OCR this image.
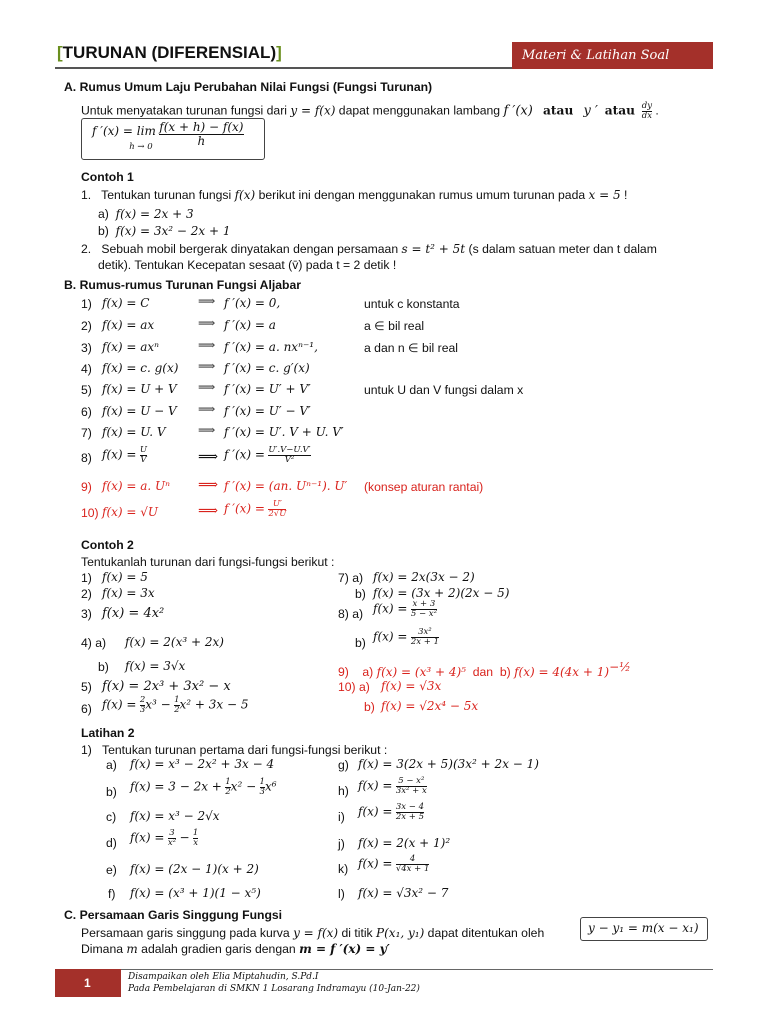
Materi & Latihan Soal
[TURUNAN (DIFERENSIAL)]
A. Rumus Umum Laju Perubahan Nilai Fungsi (Fungsi Turunan)
Untuk menyatakan turunan fungsi dari y = f(x) dapat menggunakan lambang f ′(x) atau y ′ atau $\frac{dy}{dx}$ .
f ′(x) = lim
$h \to 0 \frac{f(x + h) - f(x)}{h}$
Contoh 1
1. Tentukan turunan fungsi f(x) berikut ini dengan menggunakan rumus umum turunan pada x = 5 !
a) f(x) = 2x + 3
b) f(x) = 3x² − 2x + 1
2. Sebuah mobil bergerak dinyatakan dengan persamaan s = t² + 5t (s dalam satuan meter dan t dalam
detik). Tentukan Kecepatan sesaat (v̄) pada t = 2 detik !
B. Rumus-rumus Turunan Fungsi Aljabar
1) f(x) = C	⟹ f ′(x) = 0,	untuk c konstanta
2) f(x) = ax	⟹ f ′(x) = a	a ∈ bil real
3) f(x) = axⁿ	⟹ f ′(x) = a. nxⁿ⁻¹,	a dan n ∈ bil real
4) f(x) = c. g(x) ⟹ f ′(x) = c. g′(x)
5) f(x) = U + V ⟹ f ′(x) = U′ + V′	untuk U dan V fungsi dalam x
6) f(x) = U − V ⟹ f ′(x) = U′ − V′
7) f(x) = U. V	⟹ f ′(x) = U′. V + U. V′
8) $f(x) = \frac{U}{V}$	⟹ f $'(x) = \frac{U'.V-U.V'}{\text{V²}}$
9) f(x) = a. Uⁿ ⟹ f ′(x) = (an. Uⁿ⁻¹). U′ (konsep aturan rantai)
10) f(x) = √U	⟹ f $'(x) = \frac{U'}{2√U}$
Contoh 2
Tentukanlah turunan dari fungsi-fungsi berikut :
1) f(x) = 5
2) f(x) = 3x
3) f(x) = 4x²
4) a) f(x) = 2(x³ + 2x)
b) f(x) = 3√x
5) f(x) = 2x³ + 3x² − x
6) $f(x) = \frac{2}{3} x^3 - \frac{1}{2} x^2 + 3x - 5$
7) a) f(x) = 2x(3x − 2)
b) f(x) = (3x + 2)(2x − 5)
8) a) $f(x) = \frac{x + 3}{\text{5 − x²}}$
b) $f(x) = \frac{\text{3x²}}{2x + 1}$
9) a) f(x) = (x³ + 4)⁵ dan b) $f(x) = 4(4x + 1)^{-\frac{1}{2}}$
10) a) f(x) = √3x
b) f(x) = √2x⁴ − 5x
Latihan 2
1) Tentukan turunan pertama dari fungsi-fungsi berikut :
a) f(x) = x³ − 2x² + 3x − 4
b) $f(x) = 3 - 2x + \frac{1}{2} x^2 - \frac{1}{3} x^6$
c) f(x) = x³ − 2√x
d) $f(x) = \frac{3}{\text{x²}} - \frac{1}{x}$
e) f(x) = (2x − 1)(x + 2)
f) f(x) = (x³ + 1)(1 − x⁵)
g) f(x) = 3(2x + 5)(3x² + 2x − 1)
h) $f(x) = \frac{\text{5 − x²}}{\text{3x² + x}}$
i) $f(x) = \frac{3x - 4}{2x + 5}$
j) f(x) = 2(x + 1)²
k) $f(x) = \frac{4}{√4x + 1}$
l) f(x) = √3x² − 7
C. Persamaan Garis Singgung Fungsi
Persamaan garis singgung pada kurva y = f(x) di titik P(x₁, y₁) dapat ditentukan oleh
Dimana m adalah gradien garis dengan m = f ′(x) = y′
y − y₁ = m(x − x₁)
1	Disampaikan oleh Elia Miptahudin, S.Pd.I
Pada Pembelajaran di SMKN 1 Losarang Indramayu (10-Jan-22)
